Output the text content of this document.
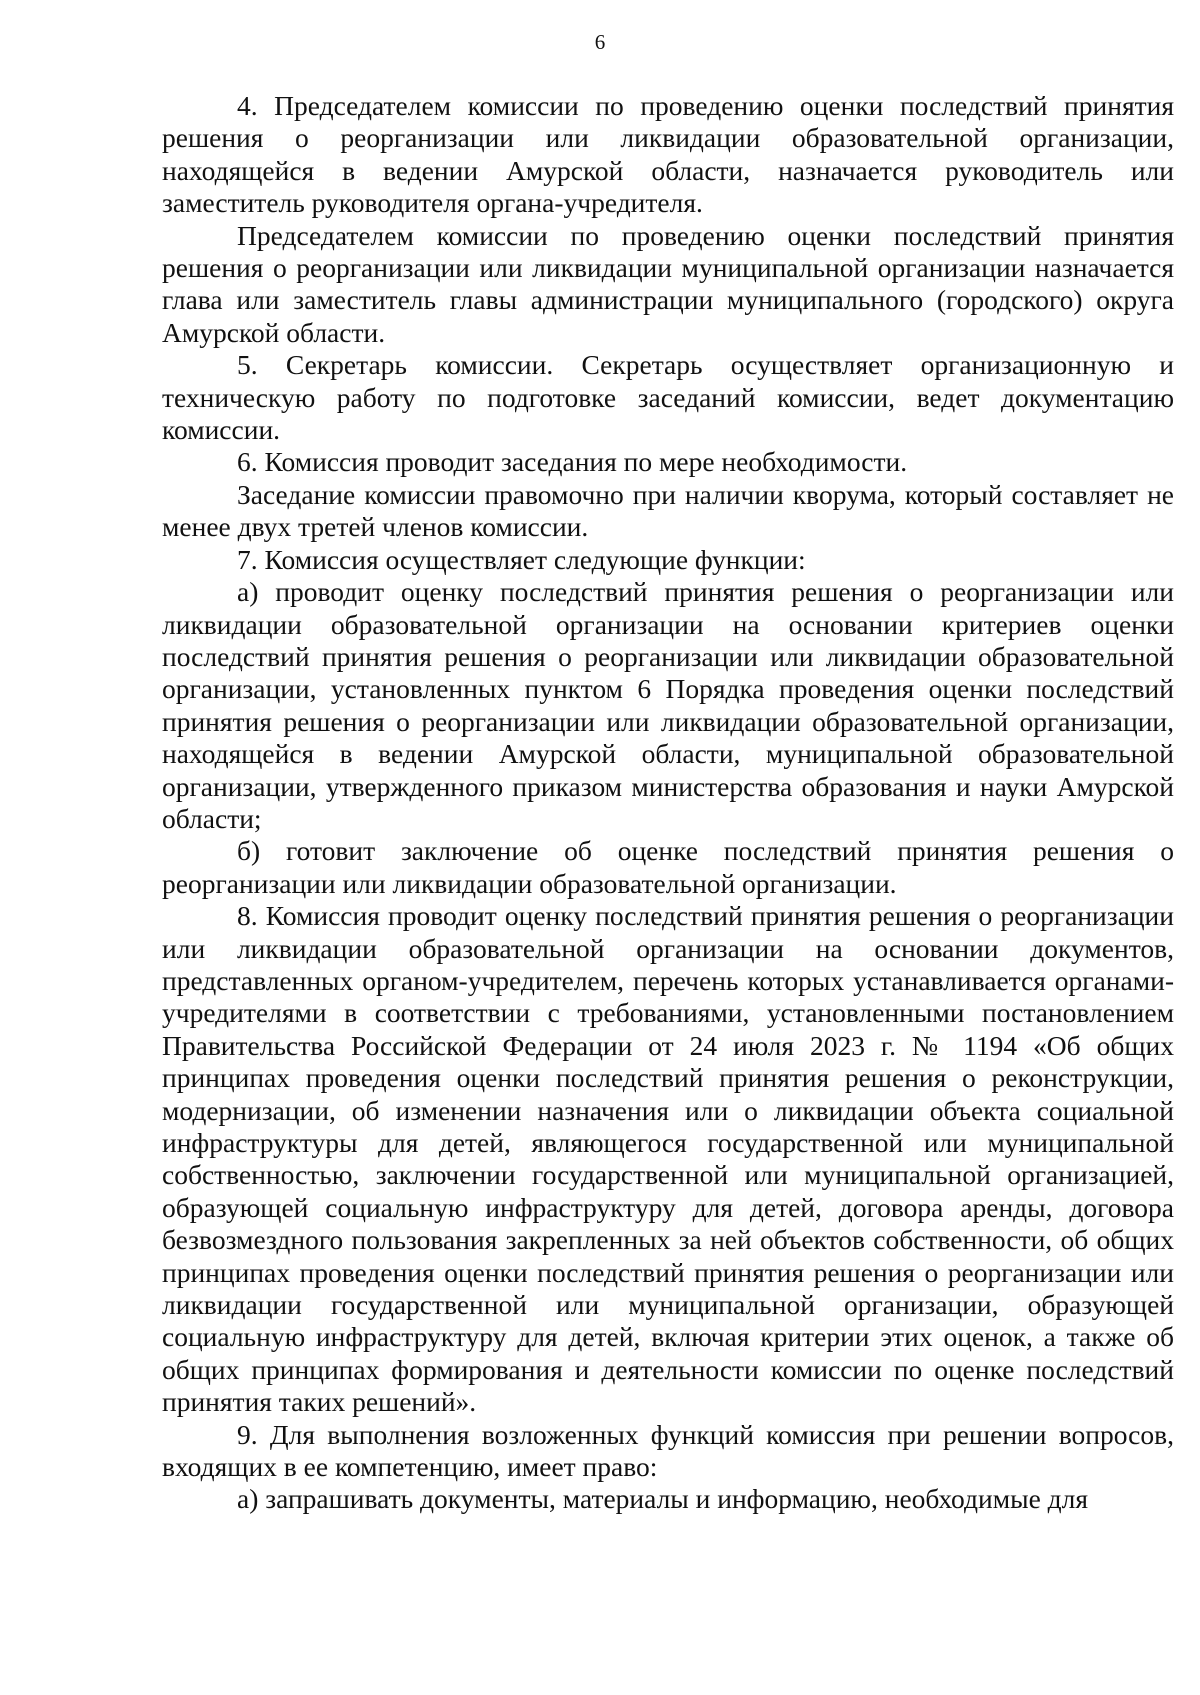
6

4. Председателем комиссии по проведению оценки последствий принятия решения о реорганизации или ликвидации образовательной организации, находящейся в ведении Амурской области, назначается руководитель или заместитель руководителя органа-учредителя.

Председателем комиссии по проведению оценки последствий принятия решения о реорганизации или ликвидации муниципальной организации назначается глава или заместитель главы администрации муниципального (городского) округа Амурской области.

5. Секретарь комиссии. Секретарь осуществляет организационную и техническую работу по подготовке заседаний комиссии, ведет документацию комиссии.

6. Комиссия проводит заседания по мере необходимости.

Заседание комиссии правомочно при наличии кворума, который составляет не менее двух третей членов комиссии.

7. Комиссия осуществляет следующие функции:

а) проводит оценку последствий принятия решения о реорганизации или ликвидации образовательной организации на основании критериев оценки последствий принятия решения о реорганизации или ликвидации образовательной организации, установленных пунктом 6 Порядка проведения оценки последствий принятия решения о реорганизации или ликвидации образовательной организации, находящейся в ведении Амурской области, муниципальной образовательной организации, утвержденного приказом министерства образования и науки Амурской области;

б) готовит заключение об оценке последствий принятия решения о реорганизации или ликвидации образовательной организации.

8. Комиссия проводит оценку последствий принятия решения о реорганизации или ликвидации образовательной организации на основании документов, представленных органом-учредителем, перечень которых устанавливается органами-учредителями в соответствии с требованиями, установленными постановлением Правительства Российской Федерации от 24 июля 2023 г. № 1194 «Об общих принципах проведения оценки последствий принятия решения о реконструкции, модернизации, об изменении назначения или о ликвидации объекта социальной инфраструктуры для детей, являющегося государственной или муниципальной собственностью, заключении государственной или муниципальной организацией, образующей социальную инфраструктуру для детей, договора аренды, договора безвозмездного пользования закрепленных за ней объектов собственности, об общих принципах проведения оценки последствий принятия решения о реорганизации или ликвидации государственной или муниципальной организации, образующей социальную инфраструктуру для детей, включая критерии этих оценок, а также об общих принципах формирования и деятельности комиссии по оценке последствий принятия таких решений».

9. Для выполнения возложенных функций комиссия при решении вопросов, входящих в ее компетенцию, имеет право:

а) запрашивать документы, материалы и информацию, необходимые для
